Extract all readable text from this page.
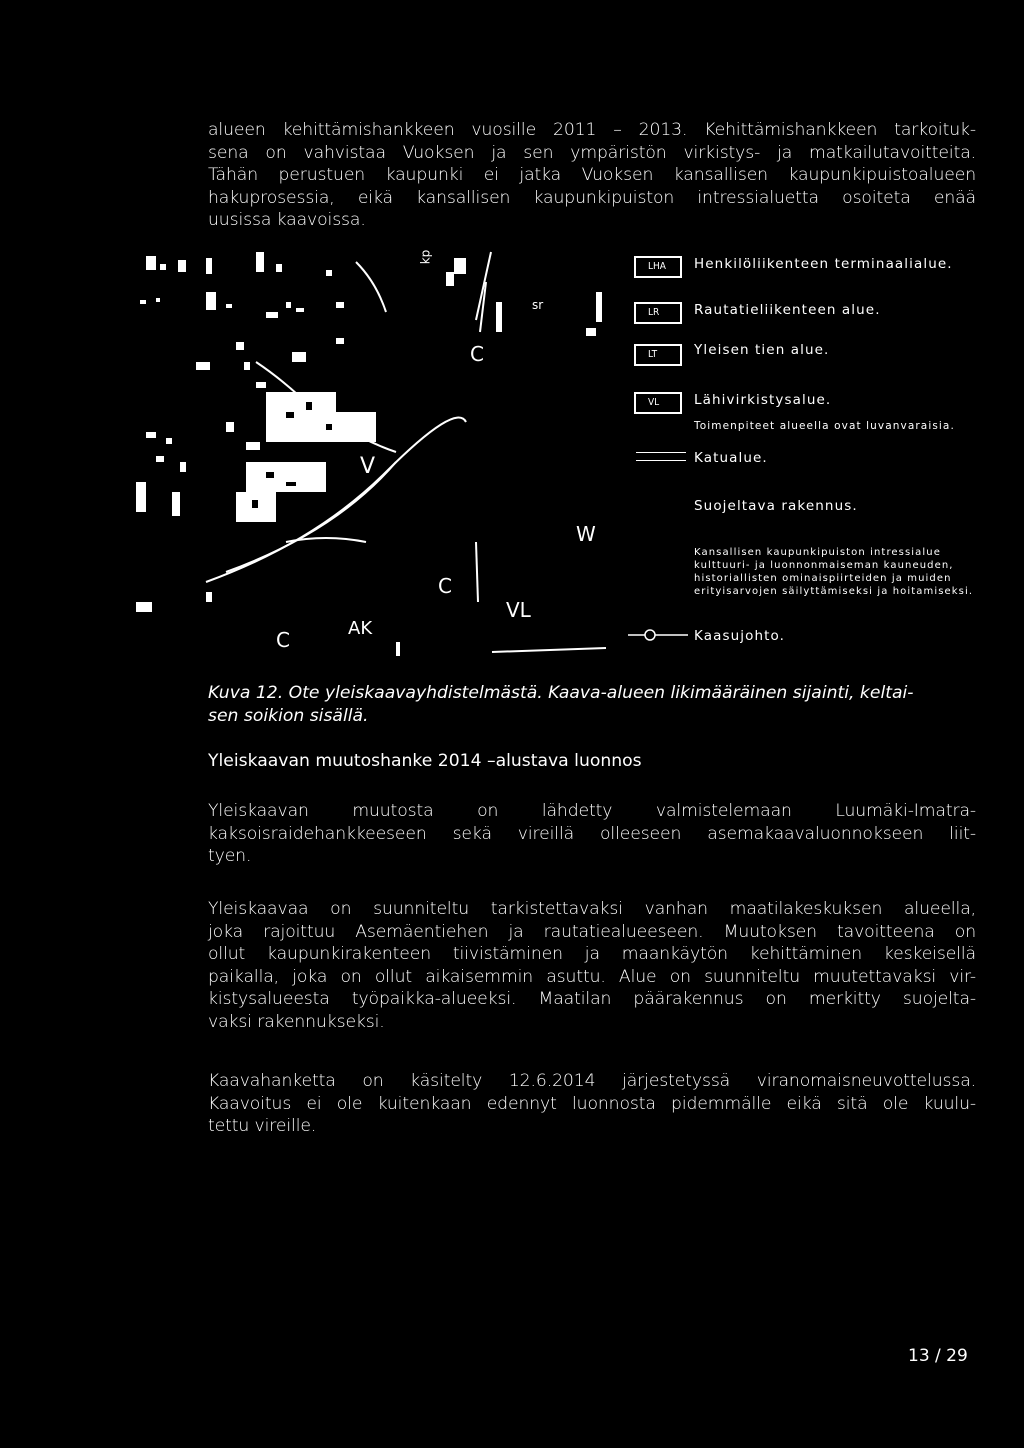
alueen kehittämishankkeen vuosille 2011 – 2013. Kehittämishankkeen tarkoituk-
sena on vahvistaa Vuoksen ja sen ympäristön virkistys- ja matkailutavoitteita.
Tähän perustuen kaupunki ei jatka Vuoksen kansallisen kaupunkipuistoalueen
hakuprosessia, eikä kansallisen kaupunkipuiston intressialuetta osoiteta enää
uusissa kaavoissa.
C
V
W
C
VL
C	AK
sr
kp
LHA	Henkilöliikenteen terminaalialue.
LR	Rautatieliikenteen alue.
LT	Yleisen tien alue.
VL	Lähivirkistysalue.
Toimenpiteet alueella ovat luvanvaraisia.
Katualue.
Suojeltava rakennus.
Kansallisen kaupunkipuiston intressialue
kulttuuri- ja luonnonmaiseman kauneuden,
historiallisten ominaispiirteiden ja muiden
erityisarvojen säilyttämiseksi ja hoitamiseksi.
Kaasujohto.
Kuva 12. Ote yleiskaavayhdistelmästä. Kaava-alueen likimääräinen sijainti, keltai-
sen soikion sisällä.
Yleiskaavan muutoshanke 2014 –alustava luonnos
Yleiskaavan muutosta on lähdetty valmistelemaan Luumäki-Imatra-
kaksoisraidehankkeeseen sekä vireillä olleeseen asemakaavaluonnokseen liit-
tyen.
Yleiskaavaa on suunniteltu tarkistettavaksi vanhan maatilakeskuksen alueella,
joka rajoittuu Asemäentiehen ja rautatiealueeseen. Muutoksen tavoitteena on
ollut kaupunkirakenteen tiivistäminen ja maankäytön kehittäminen keskeisellä
paikalla, joka on ollut aikaisemmin asuttu. Alue on suunniteltu muutettavaksi vir-
kistysalueesta työpaikka-alueeksi. Maatilan päärakennus on merkitty suojelta-
vaksi rakennukseksi.
Kaavahanketta on käsitelty 12.6.2014 järjestetyssä viranomaisneuvottelussa.
Kaavoitus ei ole kuitenkaan edennyt luonnosta pidemmälle eikä sitä ole kuulu-
tettu vireille.
13 / 29
